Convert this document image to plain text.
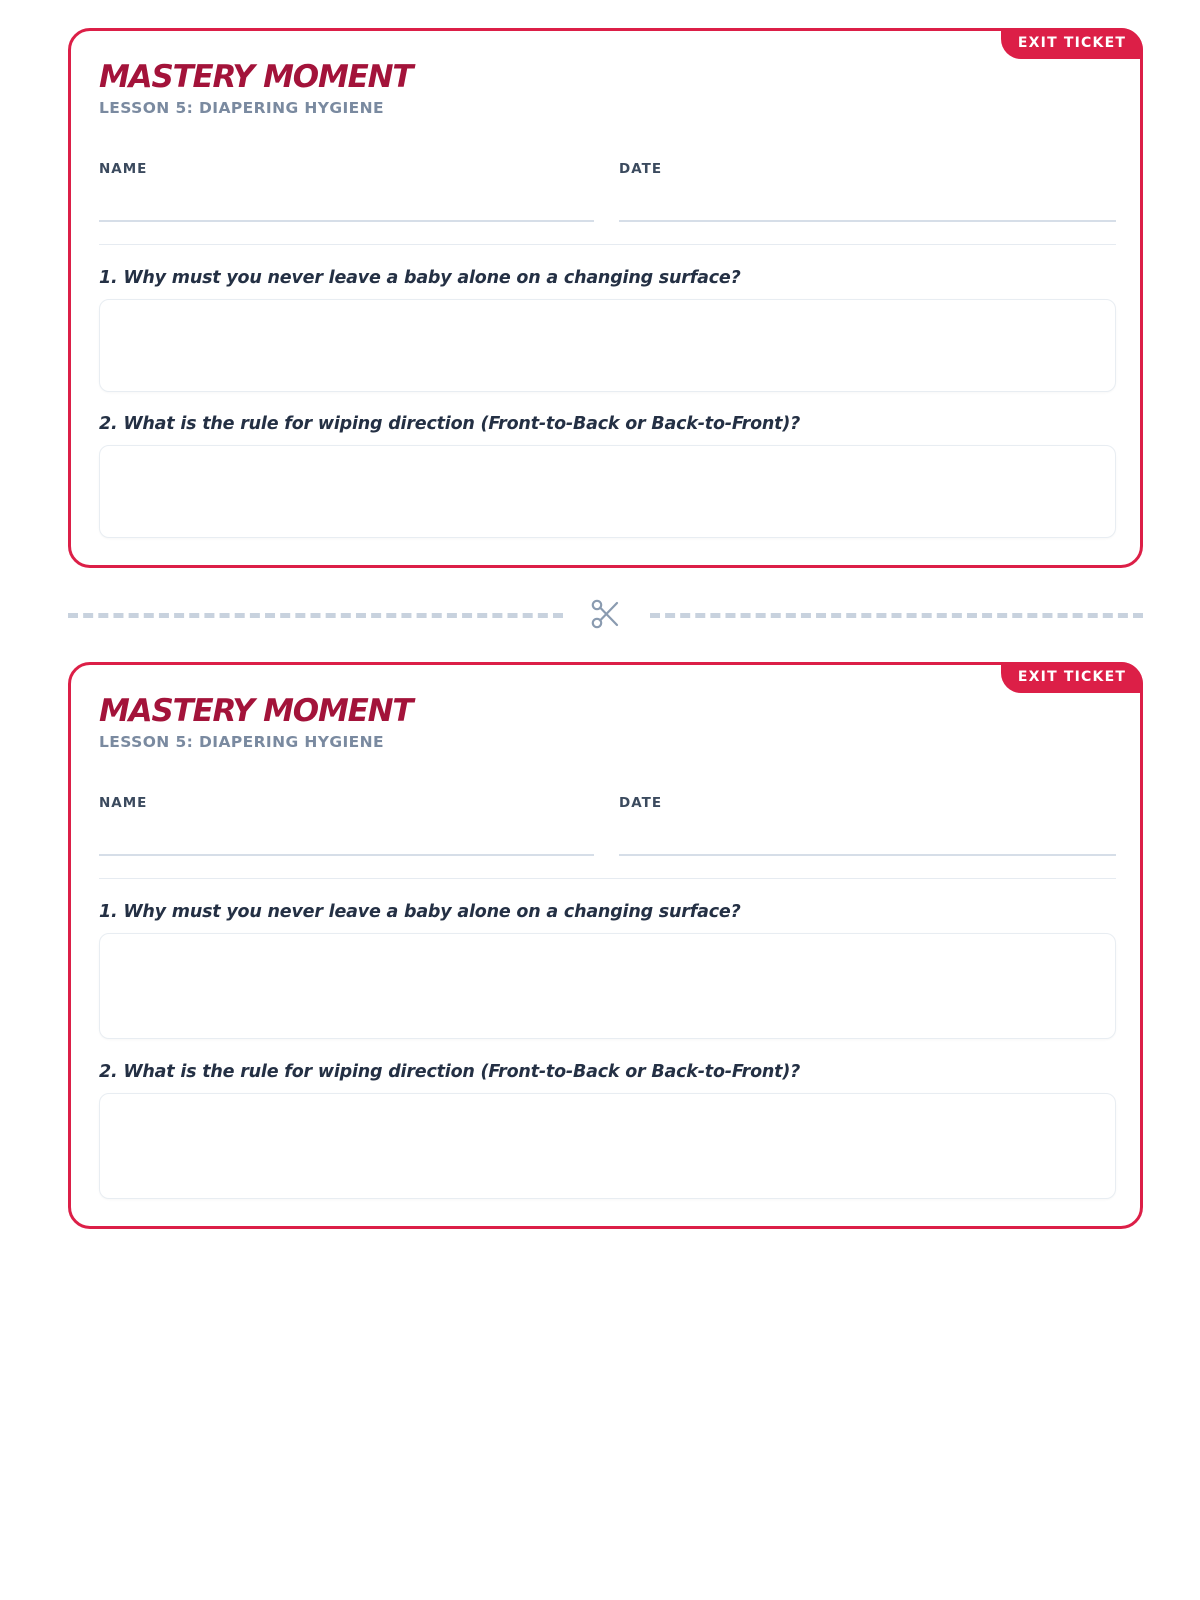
EXIT TICKET
MASTERY MOMENT
LESSON 5: DIAPERING HYGIENE
NAME	DATE
1. Why must you never leave a baby alone on a changing surface?
2. What is the rule for wiping direction (Front-to-Back or Back-to-Front)?
EXIT TICKET
MASTERY MOMENT
LESSON 5: DIAPERING HYGIENE
NAME	DATE
1. Why must you never leave a baby alone on a changing surface?
2. What is the rule for wiping direction (Front-to-Back or Back-to-Front)?
